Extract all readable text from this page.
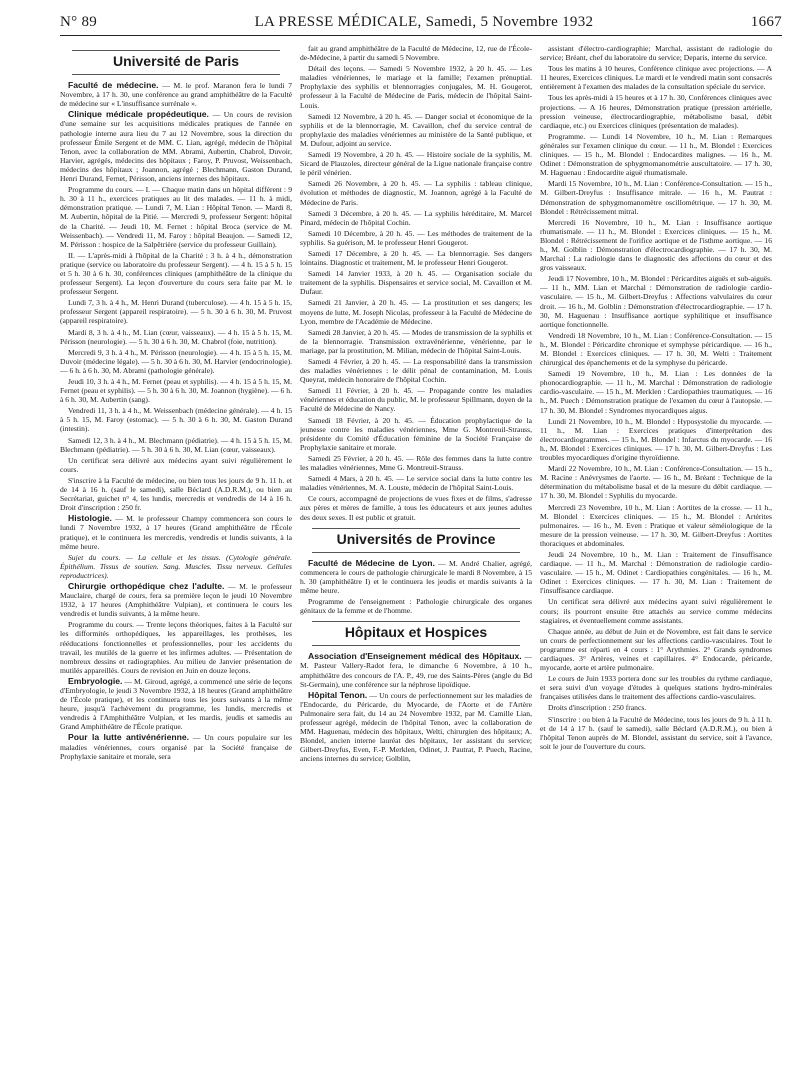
N° 89	LA PRESSE MÉDICALE, Samedi, 5 Novembre 1932	1667
Université de Paris

Faculté de médecine. — M. le prof. Maranon fera le lundi 7 Novembre, à 17 h. 30, une conférence au grand amphithéâtre de la Faculté de médecine sur « L'insuffisance surrénale ».

Clinique médicale propédeutique. — Un cours de revision d'une semaine sur les acquisitions médicales pratiques de l'année en pathologie interne aura lieu du 7 au 12 Novembre, sous la direction du professeur Émile Sergent et de MM. C. Lian, agrégé, médecin de l'hôpital Tenon, avec la collaboration de MM. Abrami, Aubertin, Chabrol, Duvoir, Harvier, agrégés, médecins des hôpitaux ; Faroy, P. Pruvost, Weissenbach, médecins des hôpitaux ; Joannon, agrégé ; Blechmann, Gaston Durand, Henri Durand, Fernet, Périsson, anciens internes des hôpitaux.

Programme du cours. — I. — Chaque matin dans un hôpital différent : 9 h. 30 à 11 h., exercices pratiques au lit des malades. — 11 h. à midi, démonstration pratique. — Lundi 7, M. Lian : Hôpital Tenon. — Mardi 8, M. Aubertin, hôpital de la Pitié. — Mercredi 9, professeur Sergent: hôpital de la Charité. — Jeudi 10, M. Fernet : hôpital Broca (service de M. Weissenbach). — Vendredi 11, M. Faroy : hôpital Beaujon. — Samedi 12, M. Périsson : hospice de la Salpêtrière (service du professeur Guillain).

II. — L'après-midi à l'hôpital de la Charité : 3 h. à 4 h., démonstration pratique (service ou laboratoire du professeur Sergent). — 4 h. 15 à 5 h. 15 et 5 h. 30 à 6 h. 30, conférences cliniques (amphithéâtre de la clinique du professeur Sergent). La leçon d'ouverture du cours sera faite par M. le professeur Sergent.

Lundi 7, 3 h. à 4 h., M. Henri Durand (tuberculose). — 4 h. 15 à 5 h. 15, professeur Sergent (appareil respiratoire). — 5 h. 30 à 6 h. 30, M. Pruvost (appareil respiratoire).

Mardi 8, 3 h. à 4 h., M. Lian (cœur, vaisseaux). — 4 h. 15 à 5 h. 15, M. Périsson (neurologie). — 5 h. 30 à 6 h. 30, M. Chabrol (foie, nutrition).

Mercredi 9, 3 h. à 4 h., M. Périsson (neurologie). — 4 h. 15 à 5 h. 15, M. Duvoir (médecine légale). — 5 h. 30 à 6 h. 30, M. Harvier (endocrinologie). — 6 h. à 6 h. 30, M. Abrami (pathologie générale).

Jeudi 10, 3 h. à 4 h., M. Fernet (peau et syphilis). — 4 h. 15 à 5 h. 15, M. Fernet (peau et syphilis). — 5 h. 30 à 6 h. 30, M. Joannon (hygiène). — 6 h. à 6 h. 30, M. Aubertin (sang).

Vendredi 11, 3 h. à 4 h., M. Weissenbach (médecine générale). — 4 h. 15 à 5 h. 15, M. Faroy (estomac). — 5 h. 30 à 6 h. 30, M. Gaston Durand (intestin).

Samedi 12, 3 h. à 4 h., M. Blechmann (pédiatrie). — 4 h. 15 à 5 h. 15, M. Blechmann (pédiatrie). — 5 h. 30 à 6 h. 30, M. Lian (cœur, vaisseaux).

Un certificat sera délivré aux médecins ayant suivi régulièrement le cours.

S'inscrire à la Faculté de médecine, ou bien tous les jours de 9 h. 11 h. et de 14 à 16 h. (sauf le samedi), salle Béclard (A.D.R.M.), ou bien au Secrétariat, guichet n° 4, les lundis, mercredis et vendredis de 14 à 16 h. Droit d'inscription : 250 fr.

Histologie. — M. le professeur Champy commencera son cours le lundi 7 Novembre 1932, à 17 heures (Grand amphithéâtre de l'École pratique), et le continuera les mercredis, vendredis et lundis suivants, à la même heure.

Sujet du cours. — La cellule et les tissus. (Cytologie générale. Épithélium. Tissus de soutien. Sang. Muscles. Tissu nerveux. Cellules reproductrices).

Chirurgie orthopédique chez l'adulte. — M. le professeur Mauclaire, chargé de cours, fera sa première leçon le jeudi 10 Novembre 1932, à 17 heures (Amphithéâtre Vulpian), et continuera le cours les vendredis et lundis suivants, à la même heure.

Programme du cours. — Trente leçons théoriques, faites à la Faculté sur les difformités orthopédiques, les appareillages, les prothèses, les rééducations fonctionnelles et professionnelles, pour les accidents du travail, les mutilés de la guerre et les infirmes adultes. — Présentation de nombreux dessins et radiographies. Au milieu de Janvier présentation de mutilés appareillés. Cours de revision en Juin en douze leçons.

Embryologie. — M. Giroud, agrégé, a commencé une série de leçons d'Embryologie, le jeudi 3 Novembre 1932, à 18 heures (Grand amphithéâtre de l'École pratique), et les continuera tous les jours suivants à la même heure, jusqu'à l'achèvement du programme, les lundis, mercredis et vendredis à l'Amphithéâtre Vulpian, et les mardis, jeudis et samedis au Grand Amphithéâtre de l'École pratique.

Pour la lutte antivénérienne. — Un cours populaire sur les maladies vénériennes, cours organisé par la Société française de Prophylaxie sanitaire et morale, sera

fait au grand amphithéâtre de la Faculté de Médecine, 12, rue de l'École-de-Médecine, à partir du samedi 5 Novembre.

Détail des leçons. — Samedi 5 Novembre 1932, à 20 h. 45. — Les maladies vénériennes, le mariage et la famille; l'examen prénuptial. Prophylaxie des syphilis et blennorragies conjugales, M. H. Gougerot, professeur à la Faculté de Médecine de Paris, médecin de l'hôpital Saint-Louis.

Samedi 12 Novembre, à 20 h. 45. — Danger social et économique de la syphilis et de la blennorragie, M. Cavaillon, chef du service central de prophylaxie des maladies vénériennes au ministère de la Santé publique, et M. Dufour, adjoint au service.

Samedi 19 Novembre, à 20 h. 45. — Histoire sociale de la syphilis, M. Sicard de Plauzoles, directeur général de la Ligue nationale française contre le péril vénérien.

Samedi 26 Novembre, à 20 h. 45. — La syphilis : tableau clinique, évolution et méthodes de diagnostic, M. Joannon, agrégé à la Faculté de Médecine de Paris.

Samedi 3 Décembre, à 20 h. 45. — La syphilis héréditaire, M. Marcel Pinard, médecin de l'hôpital Cochin.

Samedi 10 Décembre, à 20 h. 45. — Les méthodes de traitement de la syphilis. Sa guérison, M. le professeur Henri Gougerot.

Samedi 17 Décembre, à 20 h. 45. — La blennorragie. Ses dangers lointains. Diagnostic et traitement, M. le professeur Henri Gougerot.

Samedi 14 Janvier 1933, à 20 h. 45. — Organisation sociale du traitement de la syphilis. Dispensaires et service social, M. Cavaillon et M. Dufaur.

Samedi 21 Janvier, à 20 h. 45. — La prostitution et ses dangers; les moyens de lutte, M. Joseph Nicolas, professeur à la Faculté de Médecine de Lyon, membre de l'Académie de Médecine.

Samedi 28 Janvier, à 20 h. 45. — Modes de transmission de la syphilis et de la blennorragie. Transmission extravénérienne, vénérienne, par le mariage, par la prostitution, M. Milian, médecin de l'hôpital Saint-Louis.

Samedi 4 Février, à 20 h. 45. — La responsabilité dans la transmission des maladies vénériennes : le délit pénal de contamination, M. Louis Queyrat, médecin honoraire de l'hôpital Cochin.

Samedi 11 Février, à 20 h. 45. — Propagande contre les maladies vénériennes et éducation du public, M. le professeur Spillmann, doyen de la Faculté de Médecine de Nancy.

Samedi 18 Février, à 20 h. 45. — Éducation prophylactique de la jeunesse contre les maladies vénériennes, Mme G. Montreuil-Strauss, présidente du Comité d'Éducation féminine de la Société Française de Prophylaxie sanitaire et morale.

Samedi 25 Février, à 20 h. 45. — Rôle des femmes dans la lutte contre les maladies vénériennes, Mme G. Montreuil-Strauss.

Samedi 4 Mars, à 20 h. 45. — Le service social dans la lutte contre les maladies vénériennes, M. A. Louste, médecin de l'hôpital Saint-Louis.

Ce cours, accompagné de projections de vues fixes et de films, s'adresse aux pères et mères de famille, à tous les éducateurs et aux jeunes adultes des deux sexes. Il est public et gratuit.

Universités de Province

Faculté de Médecine de Lyon. — M. André Chalier, agrégé, commencera le cours de pathologie chirurgicale le mardi 8 Novembre, à 15 h. 30 (amphithéâtre I) et le continuera les jeudis et mardis suivants à la même heure.

Programme de l'enseignement : Pathologie chirurgicale des organes génitaux de la femme et de l'homme.

Hôpitaux et Hospices

Association d'Enseignement médical des Hôpitaux. — M. Pasteur Vallery-Radot fera, le dimanche 6 Novembre, à 10 h., amphithéâtre des concours de l'A. P., 49, rue des Saints-Pères (angle du Bd St-Germain), une conférence sur la néphrose lipoïdique.

Hôpital Tenon. — Un cours de perfectionnement sur les maladies de l'Endocarde, du Péricarde, du Myocarde, de l'Aorte et de l'Artère Pulmonaire sera fait, du 14 au 24 Novembre 1932, par M. Camille Lian, professeur agrégé, médecin de l'hôpital Tenon, avec la collaboration de MM. Haguenau, médecin des hôpitaux, Welti, chirurgien des hôpitaux; A. Blondel, ancien interne lauréat des hôpitaux, 1er assistant du service; Gilbert-Dreyfus, Even, F.-P. Merklen, Odinet, J. Pautrat, P. Puech, Racine, anciens internes du service; Golblin,

assistant d'électro-cardiographie; Marchal, assistant de radiologie du service; Bréant, chef du laboratoire du service; Deparis, interne du service.

Tous les matins à 10 heures, Conférence clinique avec projections. — A 11 heures, Exercices cliniques. Le mardi et le vendredi matin sont consacrés entièrement à l'examen des malades de la consultation spéciale du service.

Tous les après-midi à 15 heures et à 17 h. 30, Conférences cliniques avec projections. — A 16 heures, Démonstration pratique (pression artérielle, pression veineuse, électrocardiographie, métabolisme basal, débit cardiaque, etc.) ou Exercices cliniques (présentation de malades).

Programme. — Lundi 14 Novembre, 10 h., M. Lian : Remarques générales sur l'examen clinique du cœur. — 11 h., M. Blondel : Exercices cliniques. — 15 h., M. Blondel : Endocardites malignes. — 16 h., M. Odinet : Démonstration de sphygmomanométrie auscultatoire. — 17 h. 30, M. Haguenau : Endocardite aiguë rhumatismale.

Mardi 15 Novembre, 10 h., M. Lian : Conférence-Consultation. — 15 h., M. Gilbert-Dreyfus : Insuffisance mitrale. — 16 h., M. Pautrat : Démonstration de sphygmomanomètre oscillométrique. — 17 h. 30, M. Blondel : Rétrécissement mitral.

Mercredi 16 Novembre, 10 h., M. Lian : Insuffisance aortique rhumatismale. — 11 h., M. Blondel : Exercices cliniques. — 15 h., M. Blondel : Rétrécissement de l'orifice aortique et de l'isthme aortique. — 16 h., M. Golblin : Démonstration d'électrocardiographie. — 17 h. 30, M. Marchal : La radiologie dans le diagnostic des affections du cœur et des gros vaisseaux.

Jeudi 17 Novembre, 10 h., M. Blondel : Péricardites aiguës et sub-aiguës. — 11 h., MM. Lian et Marchal : Démonstration de radiologie cardio-vasculaire. — 15 h., M. Gilbert-Dreyfus : Affections valvulaires du cœur droit. — 16 h., M. Golblin : Démonstration d'électrocardiographie. — 17 h. 30, M. Haguenau : Insuffisance aortique syphilitique et insuffisance aortique fonctionnelle.

Vendredi 18 Novembre, 10 h., M. Lian : Conférence-Consultation. — 15 h., M. Blondel : Péricardite chronique et symphyse péricardique. — 16 h., M. Blondel : Exercices cliniques. — 17 h. 30, M. Welti : Traitement chirurgical des épanchements et de la symphyse du péricarde.

Samedi 19 Novembre, 10 h., M. Lian : Les données de la phonocardiographie. — 11 h., M. Marchal : Démonstration de radiologie cardio-vasculaire. — 15 h., M. Merklen : Cardiopathies traumatiques. — 16 h., M. Puech : Démonstration pratique de l'examen du cœur à l'autopsie. — 17 h. 30, M. Blondel : Syndromes myocardiques aigus.

Lundi 21 Novembre, 10 h., M. Blondel : Hyposystolie du myocarde. — 11 h., M. Lian : Exercices pratiques d'interprétation des électrocardiogrammes. — 15 h., M. Blondel : Infarctus du myocarde. — 16 h., M. Blondel : Exercices cliniques. — 17 h. 30, M. Gilbert-Dreyfus : Les troubles myocardiques d'origine thyroïdienne.

Mardi 22 Novembre, 10 h., M. Lian : Conférence-Consultation. — 15 h., M. Racine : Anévrysmes de l'aorte. — 16 h., M. Bréant : Technique de la détermination du métabolisme basal et de la mesure du débit cardiaque. — 17 h. 30, M. Blondel : Syphilis du myocarde.

Mercredi 23 Novembre, 10 h., M. Lian : Aortites de la crosse. — 11 h., M. Blondel : Exercices cliniques. — 15 h., M. Blondel : Artérites pulmonaires. — 16 h., M. Even : Pratique et valeur séméiologique de la mesure de la pression veineuse. — 17 h. 30, M. Gilbert-Dreyfus : Aortites thoraciques et abdominales.

Jeudi 24 Novembre, 10 h., M. Lian : Traitement de l'insuffisance cardiaque. — 11 h., M. Marchal : Démonstration de radiologie cardio-vasculaire. — 15 h., M. Odinet : Cardiopathies congénitales. — 16 h., M. Odinet : Exercices cliniques. — 17 h. 30, M. Lian : Traitement de l'insuffisance cardiaque.

Un certificat sera délivré aux médecins ayant suivi régulièrement le cours; ils pourront ensuite être attachés au service comme médecins stagiaires, et éventuellement comme assistants.

Chaque année, au début de Juin et de Novembre, est fait dans le service un cours de perfectionnement sur les affections cardio-vasculaires. Tout le programme est réparti en 4 cours : 1° Arythmies. 2° Grands syndromes cardiaques. 3° Artères, veines et capillaires. 4° Endocarde, péricarde, myocarde, aorte et artère pulmonaire.

Le cours de Juin 1933 portera donc sur les troubles du rythme cardiaque, et sera suivi d'un voyage d'études à quelques stations hydro-minérales françaises utilisées dans le traitement des affections cardio-vasculaires.

Droits d'inscription : 250 francs.

S'inscrire : ou bien à la Faculté de Médecine, tous les jours de 9 h. à 11 h. et de 14 à 17 h. (sauf le samedi), salle Béclard (A.D.R.M.), ou bien à l'hôpital Tenon auprès de M. Blondel, assistant du service, soit à l'avance, soit le jour de l'ouverture du cours.
